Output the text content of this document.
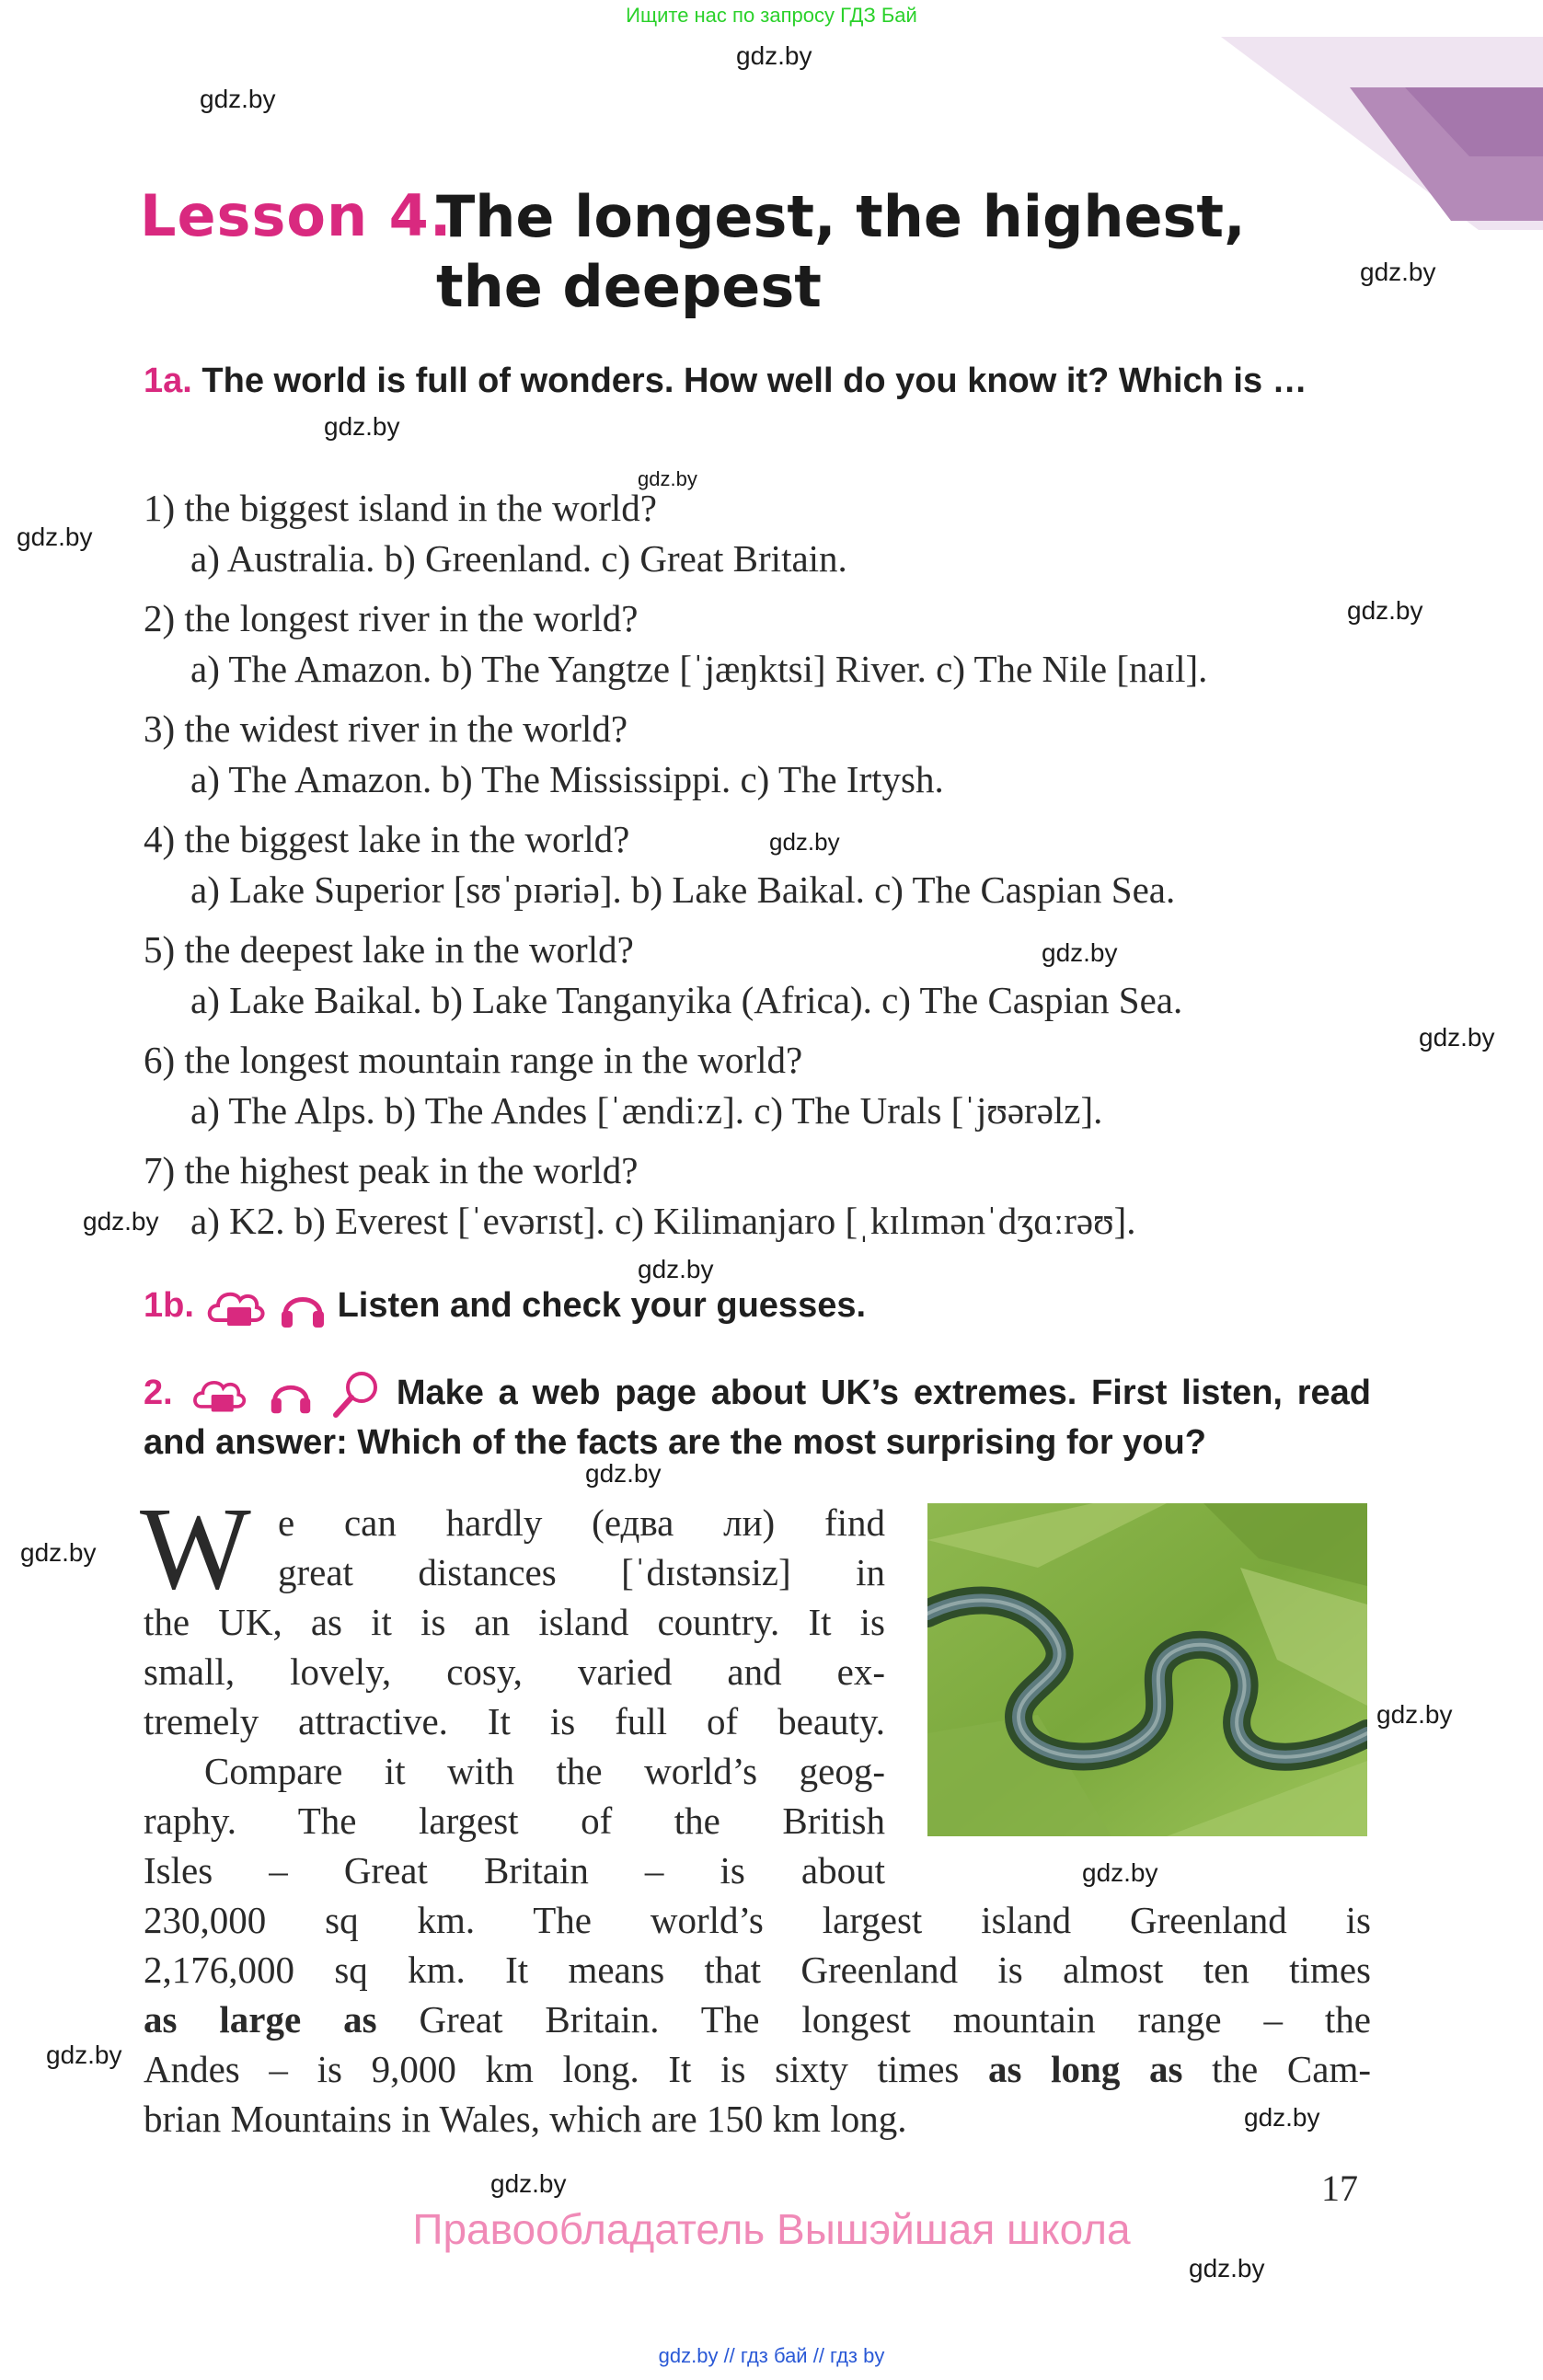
Ищите нас по запросу ГДЗ Бай
gdz.by
gdz.by
gdz.by
gdz.by
gdz.by
gdz.by
gdz.by
gdz.by
gdz.by
gdz.by
gdz.by
gdz.by
gdz.by
gdz.by
gdz.by
gdz.by
gdz.by
gdz.by
gdz.by
gdz.by
Lesson 4.
The longest, the highest,
the deepest
1a. The world is full of wonders. How well do you know it? Which is …
1) the biggest island in the world?
a) Australia. b) Greenland. c) Great Britain.
2) the longest river in the world?
a) The Amazon. b) The Yangtze [ˈjæŋktsi] River. c) The Nile [naɪl].
3) the widest river in the world?
a) The Amazon. b) The Mississippi. c) The Irtysh.
4) the biggest lake in the world?
a) Lake Superior [sʊˈpɪəriə]. b) Lake Baikal. c) The Caspian Sea.
5) the deepest lake in the world?
a) Lake Baikal. b) Lake Tanganyika (Africa). c) The Caspian Sea.
6) the longest mountain range in the world?
a) The Alps. b) The Andes [ˈændiːz]. c) The Urals [ˈjʊərəlz].
7) the highest peak in the world?
a) K2. b) Everest [ˈevərɪst]. c) Kilimanjaro [ˌkɪlɪmənˈdʒɑːrəʊ].
1b.	Listen and check your guesses.
2.	Make a web page about UK’s extremes. First listen, read and answer: Which of the facts are the most surprising for you?
W e can hardly (едва ли) find
great distances [ˈdɪstənsiz] in
the UK, as it is an island country. It is
small, lovely, cosy, varied and ex-
tremely attractive. It is full of beauty.
Compare it with the world’s geog-
raphy. The largest of the British
Isles – Great Britain – is about
230,000 sq km. The world’s largest island Greenland is
2,176,000 sq km. It means that Greenland is almost ten times
as large as Great Britain. The longest mountain range – the
Andes – is 9,000 km long. It is sixty times as long as the Cam-
brian Mountains in Wales, which are 150 km long.
17
Правообладатель Вышэйшая школа
gdz.by // гдз бай // гдз by
